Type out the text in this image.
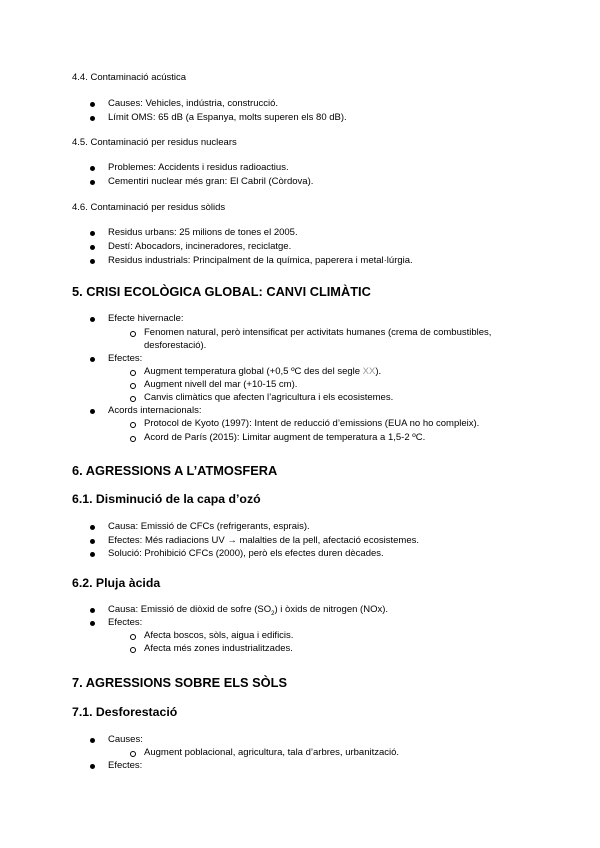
4.4. Contaminació acústica
Causes: Vehicles, indústria, construcció.
Límit OMS: 65 dB (a Espanya, molts superen els 80 dB).
4.5. Contaminació per residus nuclears
Problemes: Accidents i residus radioactius.
Cementiri nuclear més gran: El Cabril (Còrdova).
4.6. Contaminació per residus sòlids
Residus urbans: 25 milions de tones el 2005.
Destí: Abocadors, incineradores, reciclatge.
Residus industrials: Principalment de la química, paperera i metal·lúrgia.
5. CRISI ECOLÒGICA GLOBAL: CANVI CLIMÀTIC
Efecte hivernacle:
Fenomen natural, però intensificat per activitats humanes (crema de combustibles,
desforestació).
Efectes:
Augment temperatura global (+0,5 ºC des del segle XX).
Augment nivell del mar (+10-15 cm).
Canvis climàtics que afecten l’agricultura i els ecosistemes.
Acords internacionals:
Protocol de Kyoto (1997): Intent de reducció d’emissions (EUA no ho compleix).
Acord de París (2015): Limitar augment de temperatura a 1,5-2 ºC.
6. AGRESSIONS A L’ATMOSFERA
6.1. Disminució de la capa d’ozó
Causa: Emissió de CFCs (refrigerants, esprais).
Efectes: Més radiacions UV → malalties de la pell, afectació ecosistemes.
Solució: Prohibició CFCs (2000), però els efectes duren dècades.
6.2. Pluja àcida
Causa: Emissió de diòxid de sofre $(SO_2)$ i òxids de nitrogen (NOx).
Efectes:
Afecta boscos, sòls, aigua i edificis.
Afecta més zones industrialitzades.
7. AGRESSIONS SOBRE ELS SÒLS
7.1. Desforestació
Causes:
Augment poblacional, agricultura, tala d’arbres, urbanització.
Efectes:
